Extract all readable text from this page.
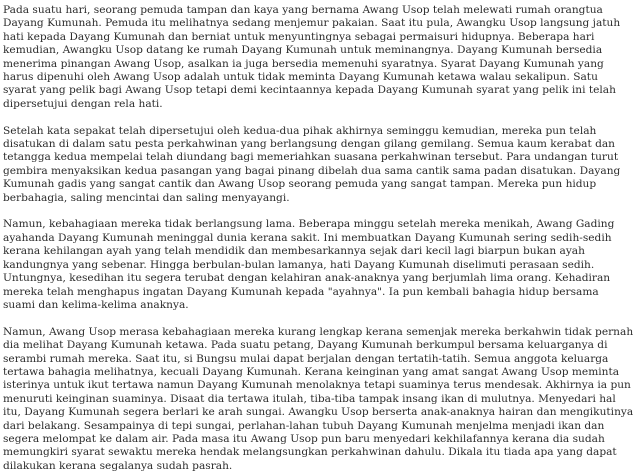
Pada suatu hari, seorang pemuda tampan dan kaya yang bernama Awang Usop telah melewati rumah orangtua Dayang Kumunah. Pemuda itu melihatnya sedang menjemur pakaian. Saat itu pula, Awangku Usop langsung jatuh hati kepada Dayang Kumunah dan berniat untuk menyuntingnya sebagai permaisuri hidupnya. Beberapa hari kemudian, Awangku Usop datang ke rumah Dayang Kumunah untuk meminangnya. Dayang Kumunah bersedia menerima pinangan Awang Usop, asalkan ia juga bersedia memenuhi syaratnya. Syarat Dayang Kumunah yang harus dipenuhi oleh Awang Usop adalah untuk tidak meminta Dayang Kumunah ketawa walau sekalipun. Satu syarat yang pelik bagi Awang Usop tetapi demi kecintaannya kepada Dayang Kumunah syarat yang pelik ini telah dipersetujui dengan rela hati.

Setelah kata sepakat telah dipersetujui oleh kedua-dua pihak akhirnya seminggu kemudian, mereka pun telah disatukan di dalam satu pesta perkahwinan yang berlangsung dengan gilang gemilang. Semua kaum kerabat dan tetangga kedua mempelai telah diundang bagi memeriahkan suasana perkahwinan tersebut. Para undangan turut gembira menyaksikan kedua pasangan yang bagai pinang dibelah dua sama cantik sama padan disatukan. Dayang Kumunah gadis yang sangat cantik dan Awang Usop seorang pemuda yang sangat tampan. Mereka pun hidup berbahagia, saling mencintai dan saling menyayangi.

Namun, kebahagiaan mereka tidak berlangsung lama. Beberapa minggu setelah mereka menikah, Awang Gading ayahanda Dayang Kumunah meninggal dunia kerana sakit. Ini membuatkan Dayang Kumunah sering sedih-sedih kerana kehilangan ayah yang telah mendidik dan membesarkannya sejak dari kecil lagi biarpun bukan ayah kandungnya yang sebenar. Hingga berbulan-bulan lamanya, hati Dayang Kumunah diselimuti perasaan sedih. Untungnya, kesedihan itu segera terubat dengan kelahiran anak-anaknya yang berjumlah lima orang. Kehadiran mereka telah menghapus ingatan Dayang Kumunah kepada "ayahnya". Ia pun kembali bahagia hidup bersama suami dan kelima-kelima anaknya.

Namun, Awang Usop merasa kebahagiaan mereka kurang lengkap kerana semenjak mereka berkahwin tidak pernah dia melihat Dayang Kumunah ketawa. Pada suatu petang, Dayang Kumunah berkumpul bersama keluarganya di serambi rumah mereka. Saat itu, si Bungsu mulai dapat berjalan dengan tertatih-tatih. Semua anggota keluarga tertawa bahagia melihatnya, kecuali Dayang Kumunah. Kerana keinginan yang amat sangat Awang Usop meminta isterinya untuk ikut tertawa namun Dayang Kumunah menolaknya tetapi suaminya terus mendesak. Akhirnya ia pun menuruti keinginan suaminya. Disaat dia tertawa itulah, tiba-tiba tampak insang ikan di mulutnya. Menyedari hal itu, Dayang Kumunah segera berlari ke arah sungai. Awangku Usop berserta anak-anaknya hairan dan mengikutinya dari belakang. Sesampainya di tepi sungai, perlahan-lahan tubuh Dayang Kumunah menjelma menjadi ikan dan segera melompat ke dalam air. Pada masa itu Awang Usop pun baru menyedari kekhilafannya kerana dia sudah memungkiri syarat sewaktu mereka hendak melangsungkan perkahwinan dahulu. Dikala itu tiada apa yang dapat dilakukan kerana segalanya sudah pasrah.
